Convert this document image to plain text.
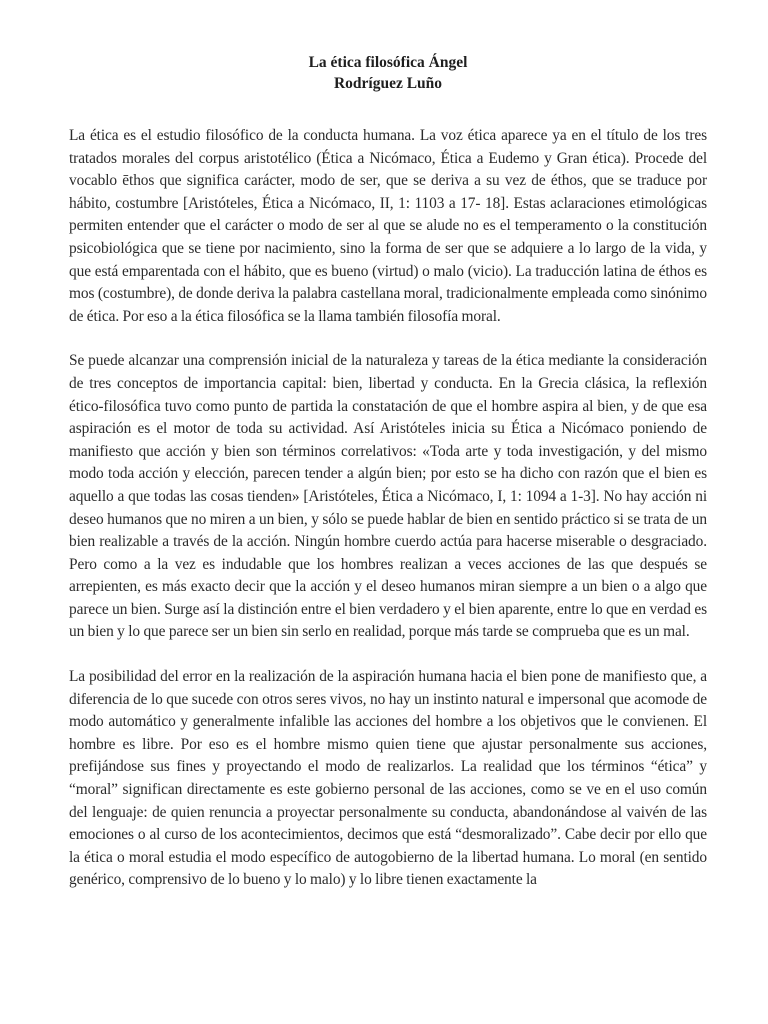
La ética filosófica Ángel
Rodríguez Luño

La ética es el estudio filosófico de la conducta humana. La voz ética aparece ya en el título de los tres tratados morales del corpus aristotélico (Ética a Nicómaco, Ética a Eudemo y Gran ética). Procede del vocablo ēthos que significa carácter, modo de ser, que se deriva a su vez de éthos, que se traduce por hábito, costumbre [Aristóteles, Ética a Nicómaco, II, 1: 1103 a 17- 18]. Estas aclaraciones etimológicas permiten entender que el carácter o modo de ser al que se alude no es el temperamento o la constitución psicobiológica que se tiene por nacimiento, sino la forma de ser que se adquiere a lo largo de la vida, y que está emparentada con el hábito, que es bueno (virtud) o malo (vicio). La traducción latina de éthos es mos (costumbre), de donde deriva la palabra castellana moral, tradicionalmente empleada como sinónimo de ética. Por eso a la ética filosófica se la llama también filosofía moral.

Se puede alcanzar una comprensión inicial de la naturaleza y tareas de la ética mediante la consideración de tres conceptos de importancia capital: bien, libertad y conducta. En la Grecia clásica, la reflexión ético-filosófica tuvo como punto de partida la constatación de que el hombre aspira al bien, y de que esa aspiración es el motor de toda su actividad. Así Aristóteles inicia su Ética a Nicómaco poniendo de manifiesto que acción y bien son términos correlativos: «Toda arte y toda investigación, y del mismo modo toda acción y elección, parecen tender a algún bien; por esto se ha dicho con razón que el bien es aquello a que todas las cosas tienden» [Aristóteles, Ética a Nicómaco, I, 1: 1094 a 1-3]. No hay acción ni deseo humanos que no miren a un bien, y sólo se puede hablar de bien en sentido práctico si se trata de un bien realizable a través de la acción. Ningún hombre cuerdo actúa para hacerse miserable o desgraciado. Pero como a la vez es indudable que los hombres realizan a veces acciones de las que después se arrepienten, es más exacto decir que la acción y el deseo humanos miran siempre a un bien o a algo que parece un bien. Surge así la distinción entre el bien verdadero y el bien aparente, entre lo que en verdad es un bien y lo que parece ser un bien sin serlo en realidad, porque más tarde se comprueba que es un mal.

La posibilidad del error en la realización de la aspiración humana hacia el bien pone de manifiesto que, a diferencia de lo que sucede con otros seres vivos, no hay un instinto natural e impersonal que acomode de modo automático y generalmente infalible las acciones del hombre a los objetivos que le convienen. El hombre es libre. Por eso es el hombre mismo quien tiene que ajustar personalmente sus acciones, prefijándose sus fines y proyectando el modo de realizarlos. La realidad que los términos “ética” y “moral” significan directamente es este gobierno personal de las acciones, como se ve en el uso común del lenguaje: de quien renuncia a proyectar personalmente su conducta, abandonándose al vaivén de las emociones o al curso de los acontecimientos, decimos que está “desmoralizado”. Cabe decir por ello que la ética o moral estudia el modo específico de autogobierno de la libertad humana. Lo moral (en sentido genérico, comprensivo de lo bueno y lo malo) y lo libre tienen exactamente la
